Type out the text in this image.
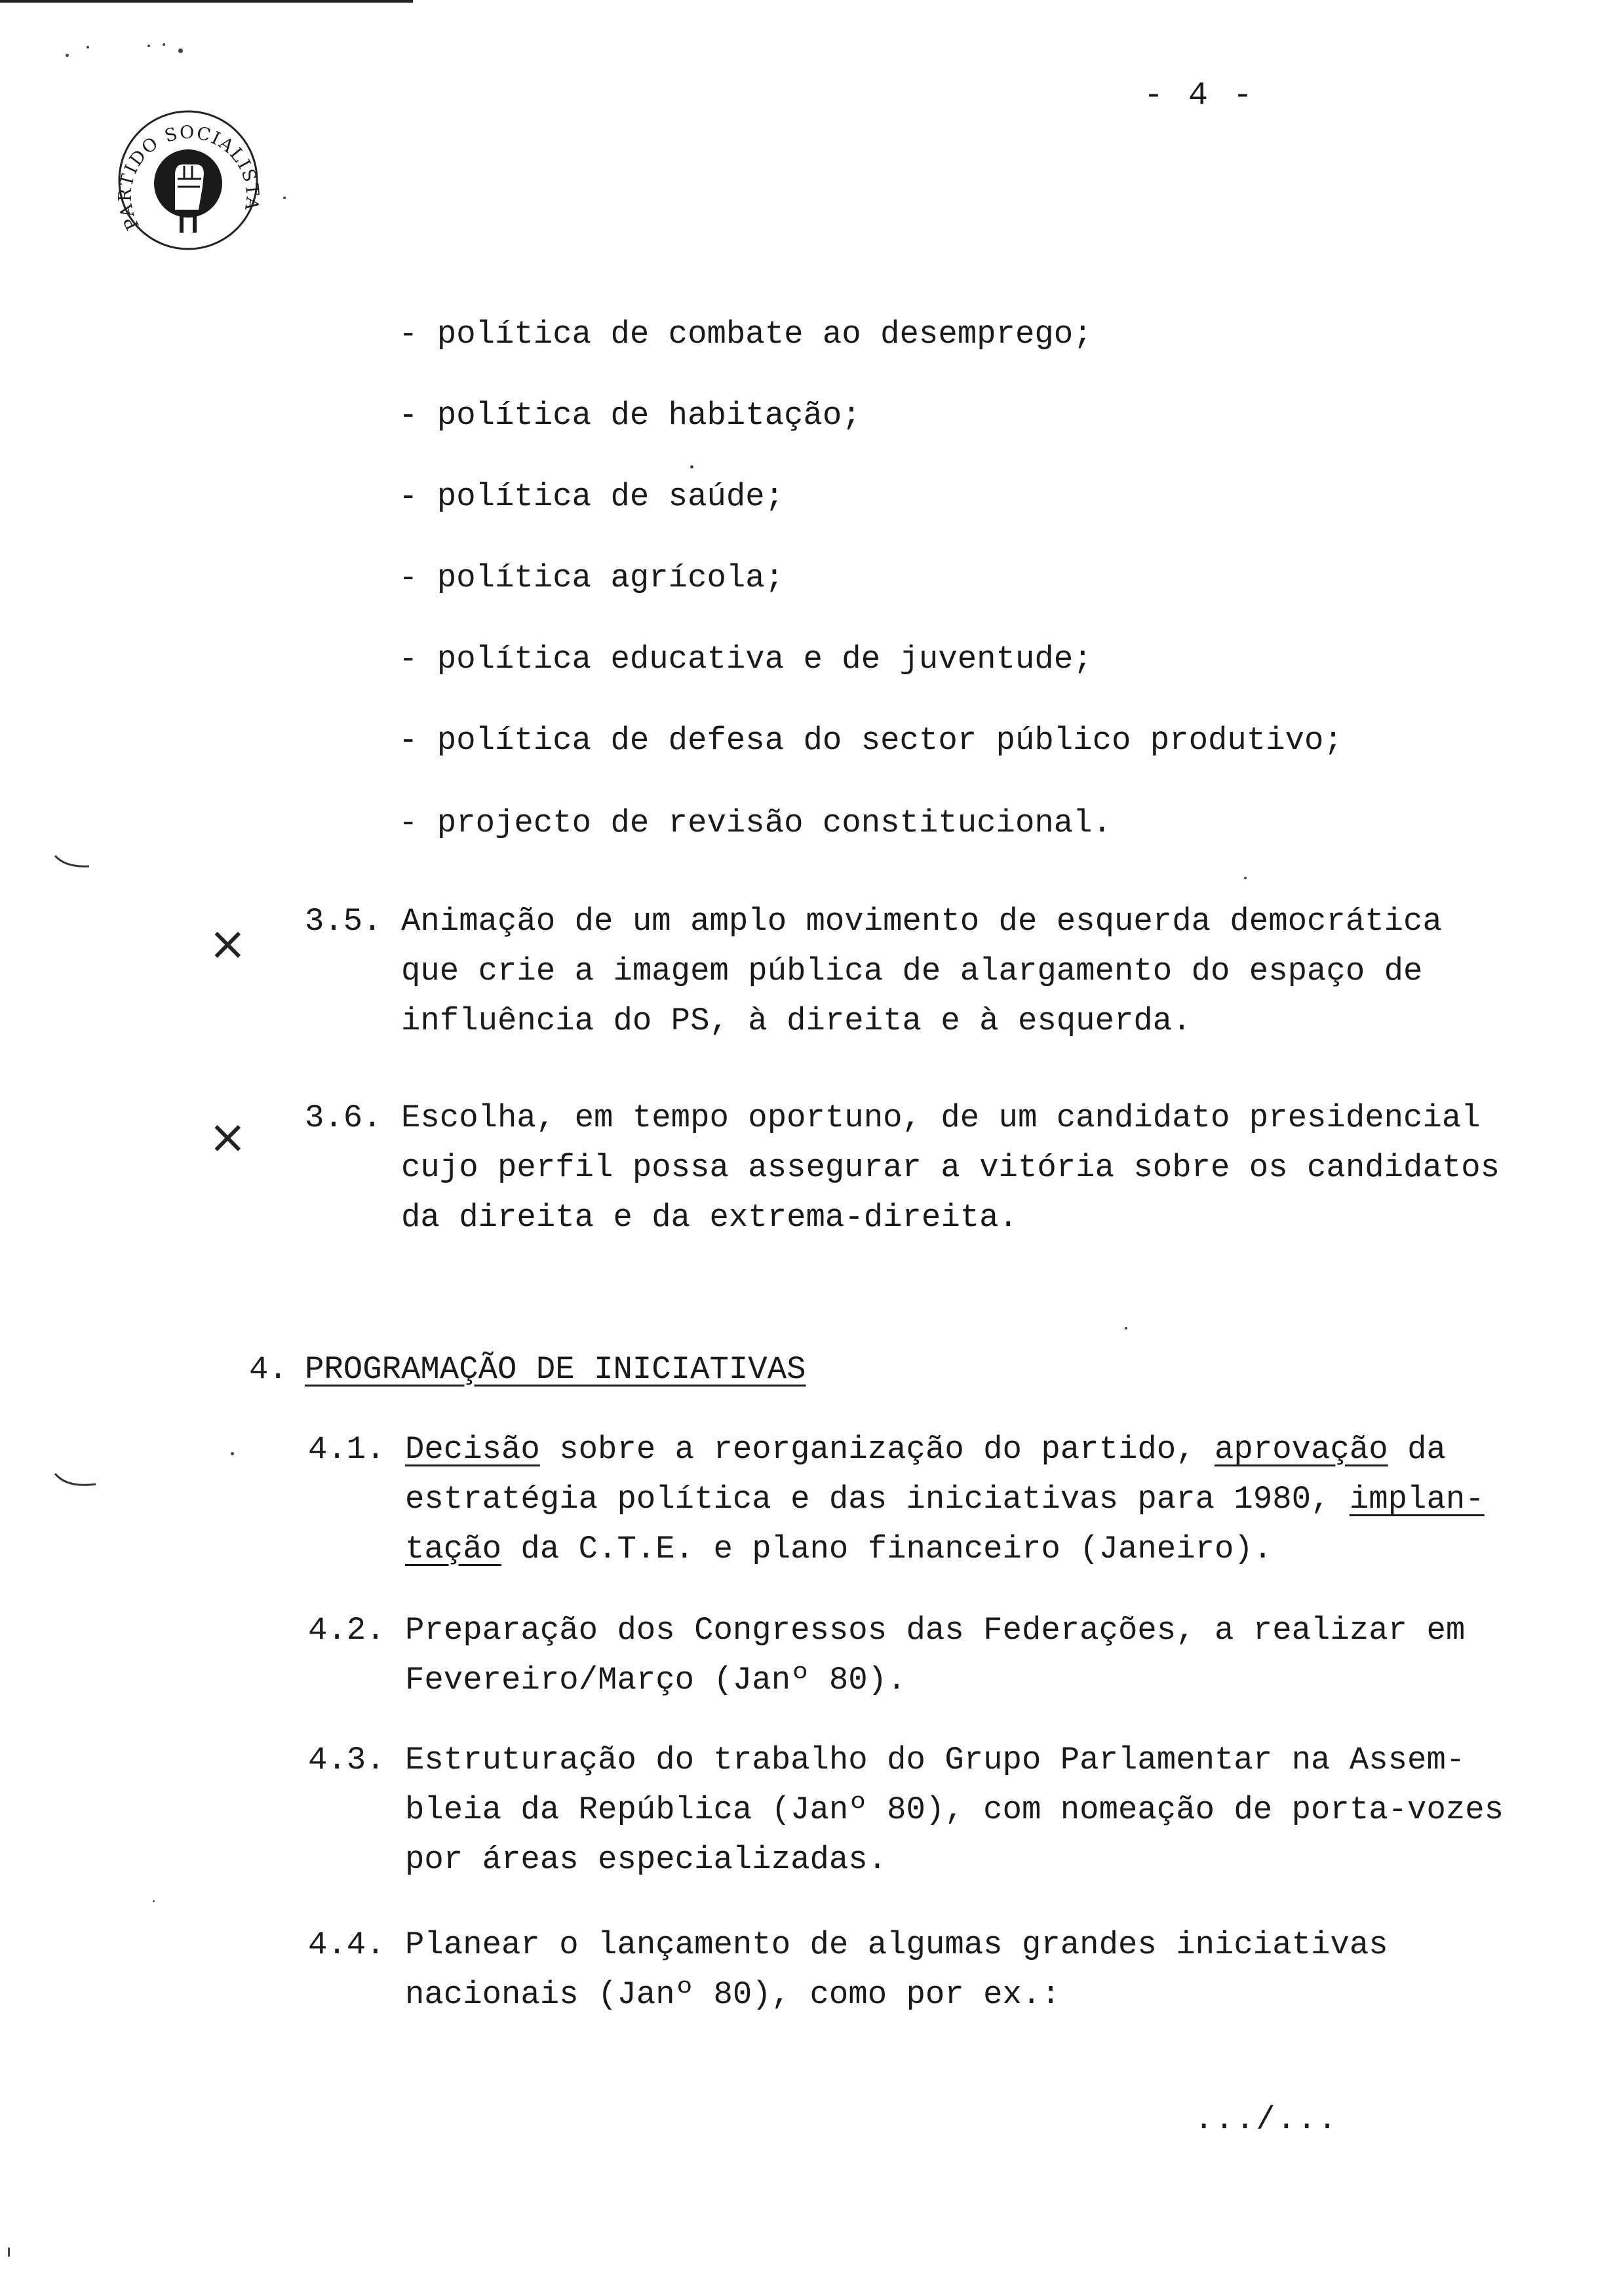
PARTIDO SOCIALISTA
- 4 -
- política de combate ao desemprego;
- política de habitação;
- política de saúde;
- política agrícola;
- política educativa e de juventude;
- política de defesa do sector público produtivo;
- projecto de revisão constitucional.
×
×
3.5. Animação de um amplo movimento de esquerda democrática
que crie a imagem pública de alargamento do espaço de
influência do PS, à direita e à esquerda.
3.6. Escolha, em tempo oportuno, de um candidato presidencial
cujo perfil possa assegurar a vitória sobre os candidatos
da direita e da extrema-direita.
4. PROGRAMAÇÃO DE INICIATIVAS
4.1. Decisão sobre a reorganização do partido, aprovação da
estratégia política e das iniciativas para 1980, implan-
tação da C.T.E. e plano financeiro (Janeiro).
4.2. Preparação dos Congressos das Federações, a realizar em
Fevereiro/Março (Janº 80).
4.3. Estruturação do trabalho do Grupo Parlamentar na Assem-
bleia da República (Janº 80), com nomeação de porta-vozes
por áreas especializadas.
4.4. Planear o lançamento de algumas grandes iniciativas
nacionais (Janº 80), como por ex.:
.../...
